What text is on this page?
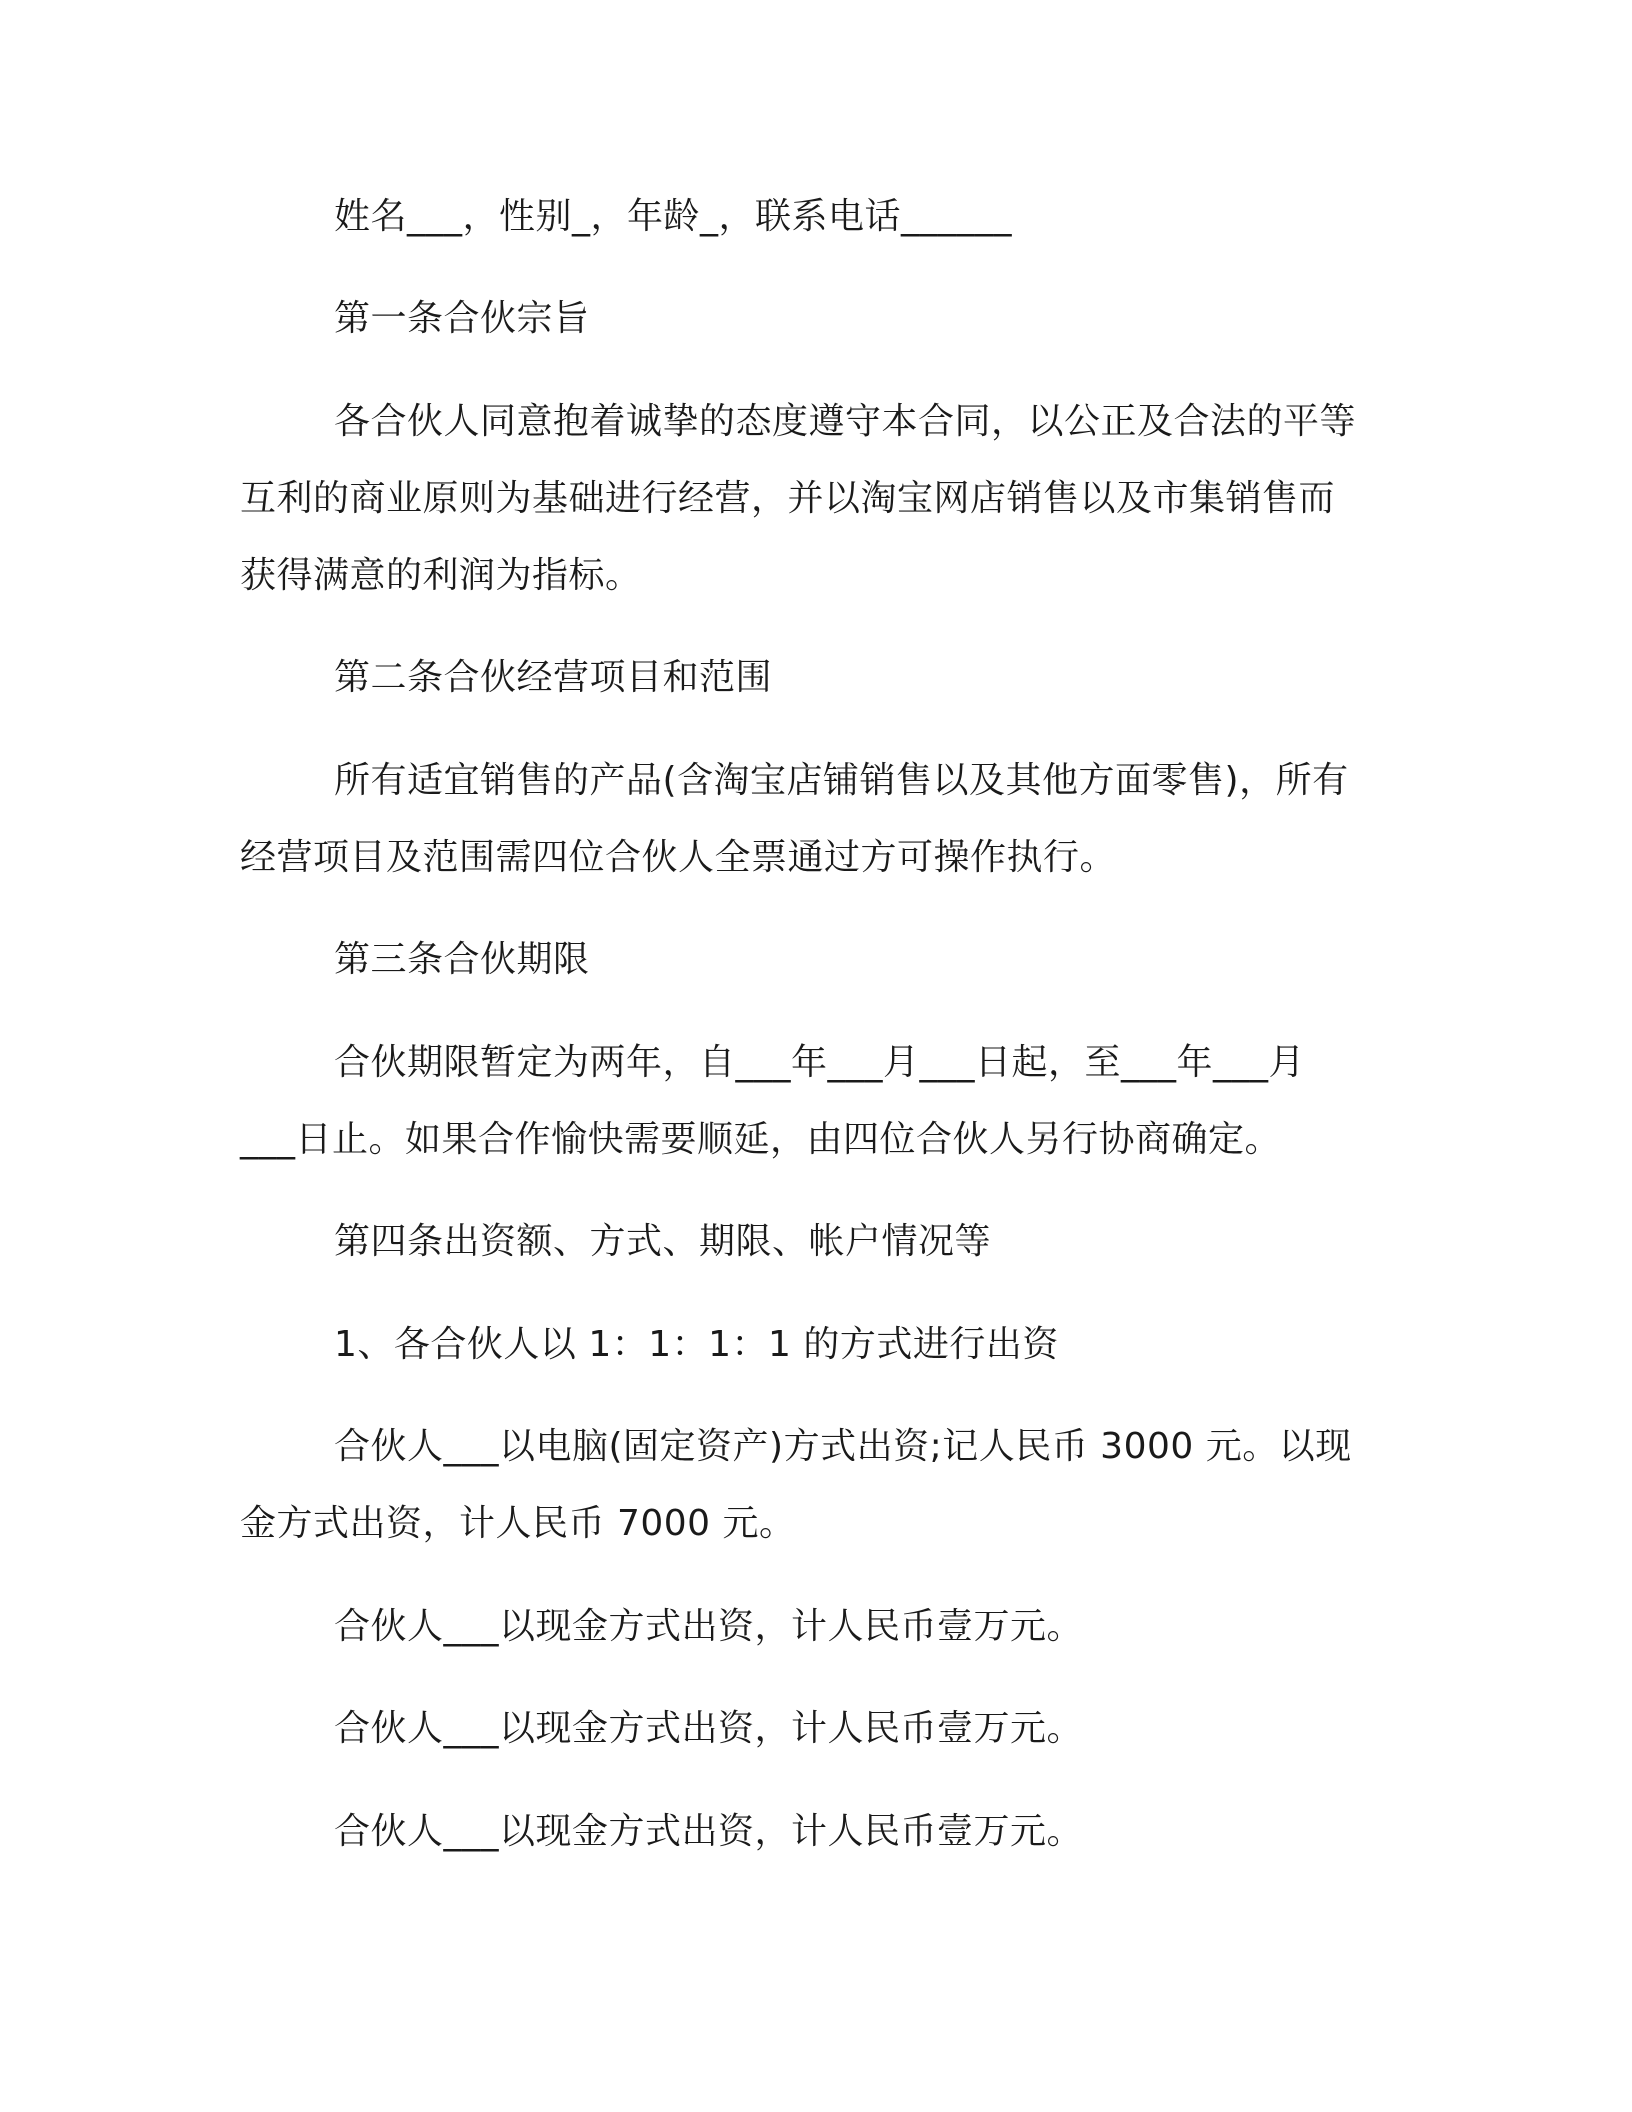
姓名___，性别_，年龄_，联系电话______
第一条合伙宗旨
各合伙人同意抱着诚挚的态度遵守本合同，以公正及合法的平等
互利的商业原则为基础进行经营，并以淘宝网店销售以及市集销售而
获得满意的利润为指标。
第二条合伙经营项目和范围
所有适宜销售的产品(含淘宝店铺销售以及其他方面零售)，所有
经营项目及范围需四位合伙人全票通过方可操作执行。
第三条合伙期限
合伙期限暂定为两年，自___年___月___日起，至___年___月
___日止。如果合作愉快需要顺延，由四位合伙人另行协商确定。
第四条出资额、方式、期限、帐户情况等
1、各合伙人以 1：1：1：1 的方式进行出资
合伙人___以电脑(固定资产)方式出资;记人民币 3000 元。以现
金方式出资，计人民币 7000 元。
合伙人___以现金方式出资，计人民币壹万元。
合伙人___以现金方式出资，计人民币壹万元。
合伙人___以现金方式出资，计人民币壹万元。
